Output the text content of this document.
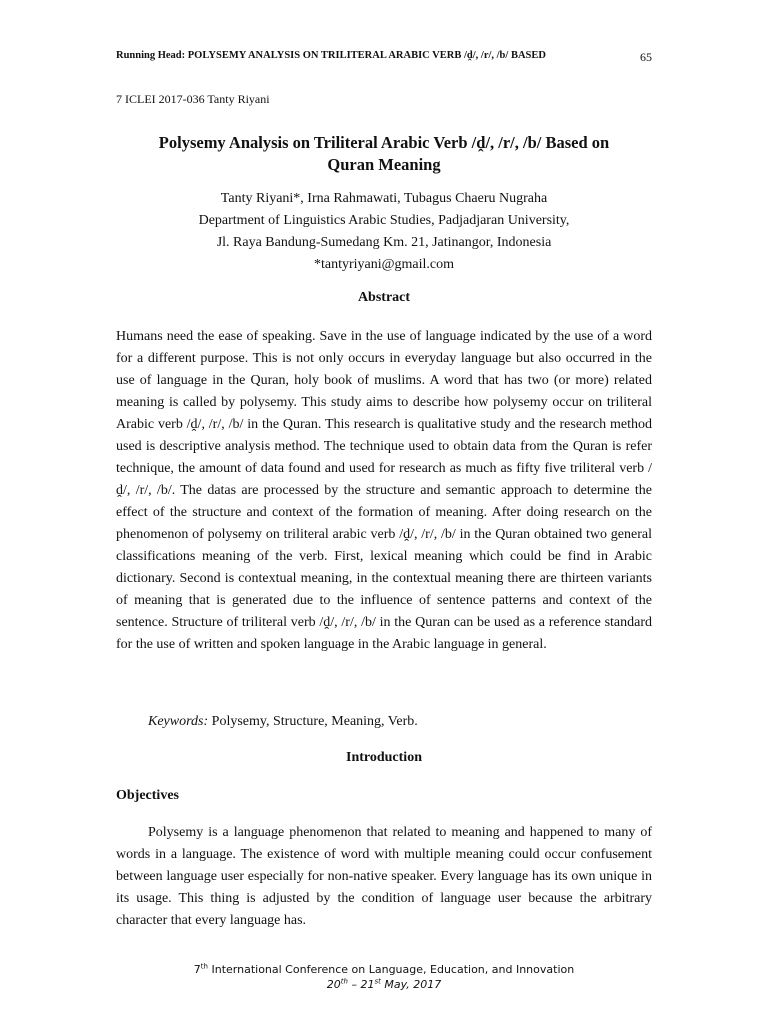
Running Head: POLYSEMY ANALYSIS ON TRILITERAL ARABIC VERB /ḓ/, /r/, /b/ BASED	65
7 ICLEI 2017-036 Tanty Riyani
Polysemy Analysis on Triliteral Arabic Verb /ḓ/, /r/, /b/ Based on
Quran Meaning
Tanty Riyani*, Irna Rahmawati, Tubagus Chaeru Nugraha
Department of Linguistics Arabic Studies, Padjadjaran University,
Jl. Raya Bandung-Sumedang Km. 21, Jatinangor, Indonesia
*tantyriyani@gmail.com
Abstract
Humans need the ease of speaking. Save in the use of language indicated by the use of a word for a different purpose. This is not only occurs in everyday language but also occurred in the use of language in the Quran, holy book of muslims. A word that has two (or more) related meaning is called by polysemy. This study aims to describe how polysemy occur on triliteral Arabic verb /ḓ/, /r/, /b/ in the Quran. This research is qualitative study and the research method used is descriptive analysis method. The technique used to obtain data from the Quran is refer technique, the amount of data found and used for research as much as fifty five triliteral verb /ḓ/, /r/, /b/. The datas are processed by the structure and semantic approach to determine the effect of the structure and context of the formation of meaning. After doing research on the phenomenon of polysemy on triliteral arabic verb /ḓ/, /r/, /b/ in the Quran obtained two general classifications meaning of the verb. First, lexical meaning which could be find in Arabic dictionary. Second is contextual meaning, in the contextual meaning there are thirteen variants of meaning that is generated due to the influence of sentence patterns and context of the sentence. Structure of triliteral verb /ḓ/, /r/, /b/ in the Quran can be used as a reference standard for the use of written and spoken language in the Arabic language in general.
Keywords: Polysemy, Structure, Meaning, Verb.
Introduction
Objectives
Polysemy is a language phenomenon that related to meaning and happened to many of words in a language. The existence of word with multiple meaning could occur confusement between language user especially for non-native speaker. Every language has its own unique in its usage. This thing is adjusted by the condition of language user because the arbitrary character that every language has.
7th International Conference on Language, Education, and Innovation
20th – 21st May, 2017
